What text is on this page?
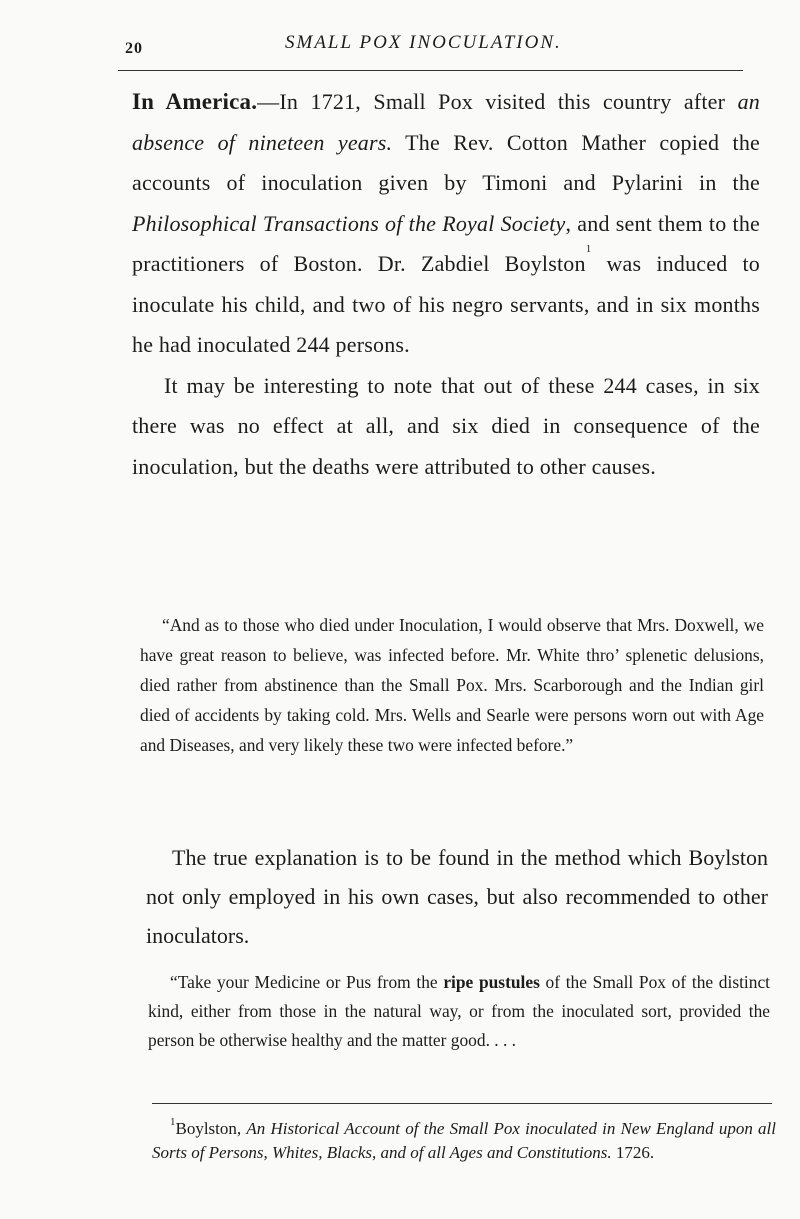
20	SMALL POX INOCULATION.

In America.—In 1721, Small Pox visited this country after an absence of nineteen years. The Rev. Cotton Mather copied the accounts of inoculation given by Timoni and Pylarini in the Philosophical Transactions of the Royal Society, and sent them to the practitioners of Boston. Dr. Zabdiel Boylston$^1$ was induced to inoculate his child, and two of his negro servants, and in six months he had inoculated 244 persons.

It may be interesting to note that out of these 244 cases, in six there was no effect at all, and six died in consequence of the inoculation, but the deaths were attributed to other causes.

“And as to those who died under Inoculation, I would observe that Mrs. Doxwell, we have great reason to believe, was infected before. Mr. White thro’ splenetic delusions, died rather from abstinence than the Small Pox. Mrs. Scarborough and the Indian girl died of accidents by taking cold. Mrs. Wells and Searle were persons worn out with Age and Diseases, and very likely these two were infected before.”

The true explanation is to be found in the method which Boylston not only employed in his own cases, but also recommended to other inoculators.

“Take your Medicine or Pus from the ripe pustules of the Small Pox of the distinct kind, either from those in the natural way, or from the inoculated sort, provided the person be otherwise healthy and the matter good. . . .

$^1$Boylston, An Historical Account of the Small Pox inoculated in New England upon all Sorts of Persons, Whites, Blacks, and of all Ages and Constitutions. 1726.
